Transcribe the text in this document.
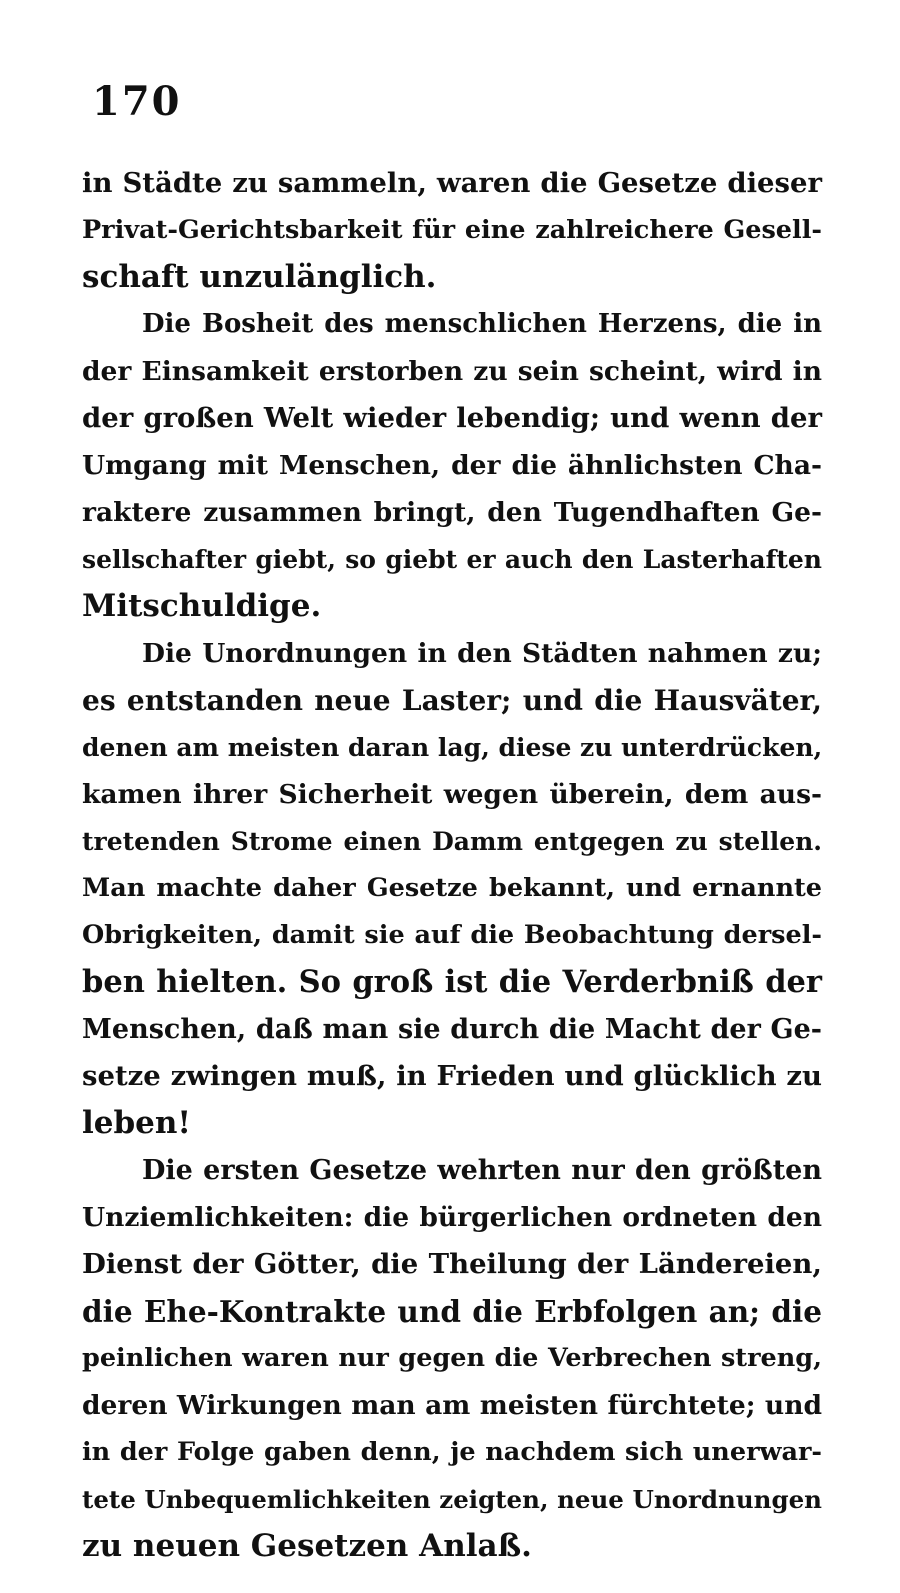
170
in Städte zu sammeln, waren die Gesetze dieser
Privat-Gerichtsbarkeit für eine zahlreichere Gesell-
schaft unzulänglich.
Die Bosheit des menschlichen Herzens, die in
der Einsamkeit erstorben zu sein scheint, wird in
der großen Welt wieder lebendig; und wenn der
Umgang mit Menschen, der die ähnlichsten Cha-
raktere zusammen bringt, den Tugendhaften Ge-
sellschafter giebt, so giebt er auch den Lasterhaften
Mitschuldige.
Die Unordnungen in den Städten nahmen zu;
es entstanden neue Laster; und die Hausväter,
denen am meisten daran lag, diese zu unterdrücken,
kamen ihrer Sicherheit wegen überein, dem aus-
tretenden Strome einen Damm entgegen zu stellen.
Man machte daher Gesetze bekannt, und ernannte
Obrigkeiten, damit sie auf die Beobachtung dersel-
ben hielten. So groß ist die Verderbniß der
Menschen, daß man sie durch die Macht der Ge-
setze zwingen muß, in Frieden und glücklich zu
leben!
Die ersten Gesetze wehrten nur den größten
Unziemlichkeiten: die bürgerlichen ordneten den
Dienst der Götter, die Theilung der Ländereien,
die Ehe-Kontrakte und die Erbfolgen an; die
peinlichen waren nur gegen die Verbrechen streng,
deren Wirkungen man am meisten fürchtete; und
in der Folge gaben denn, je nachdem sich unerwar-
tete Unbequemlichkeiten zeigten, neue Unordnungen
zu neuen Gesetzen Anlaß.
